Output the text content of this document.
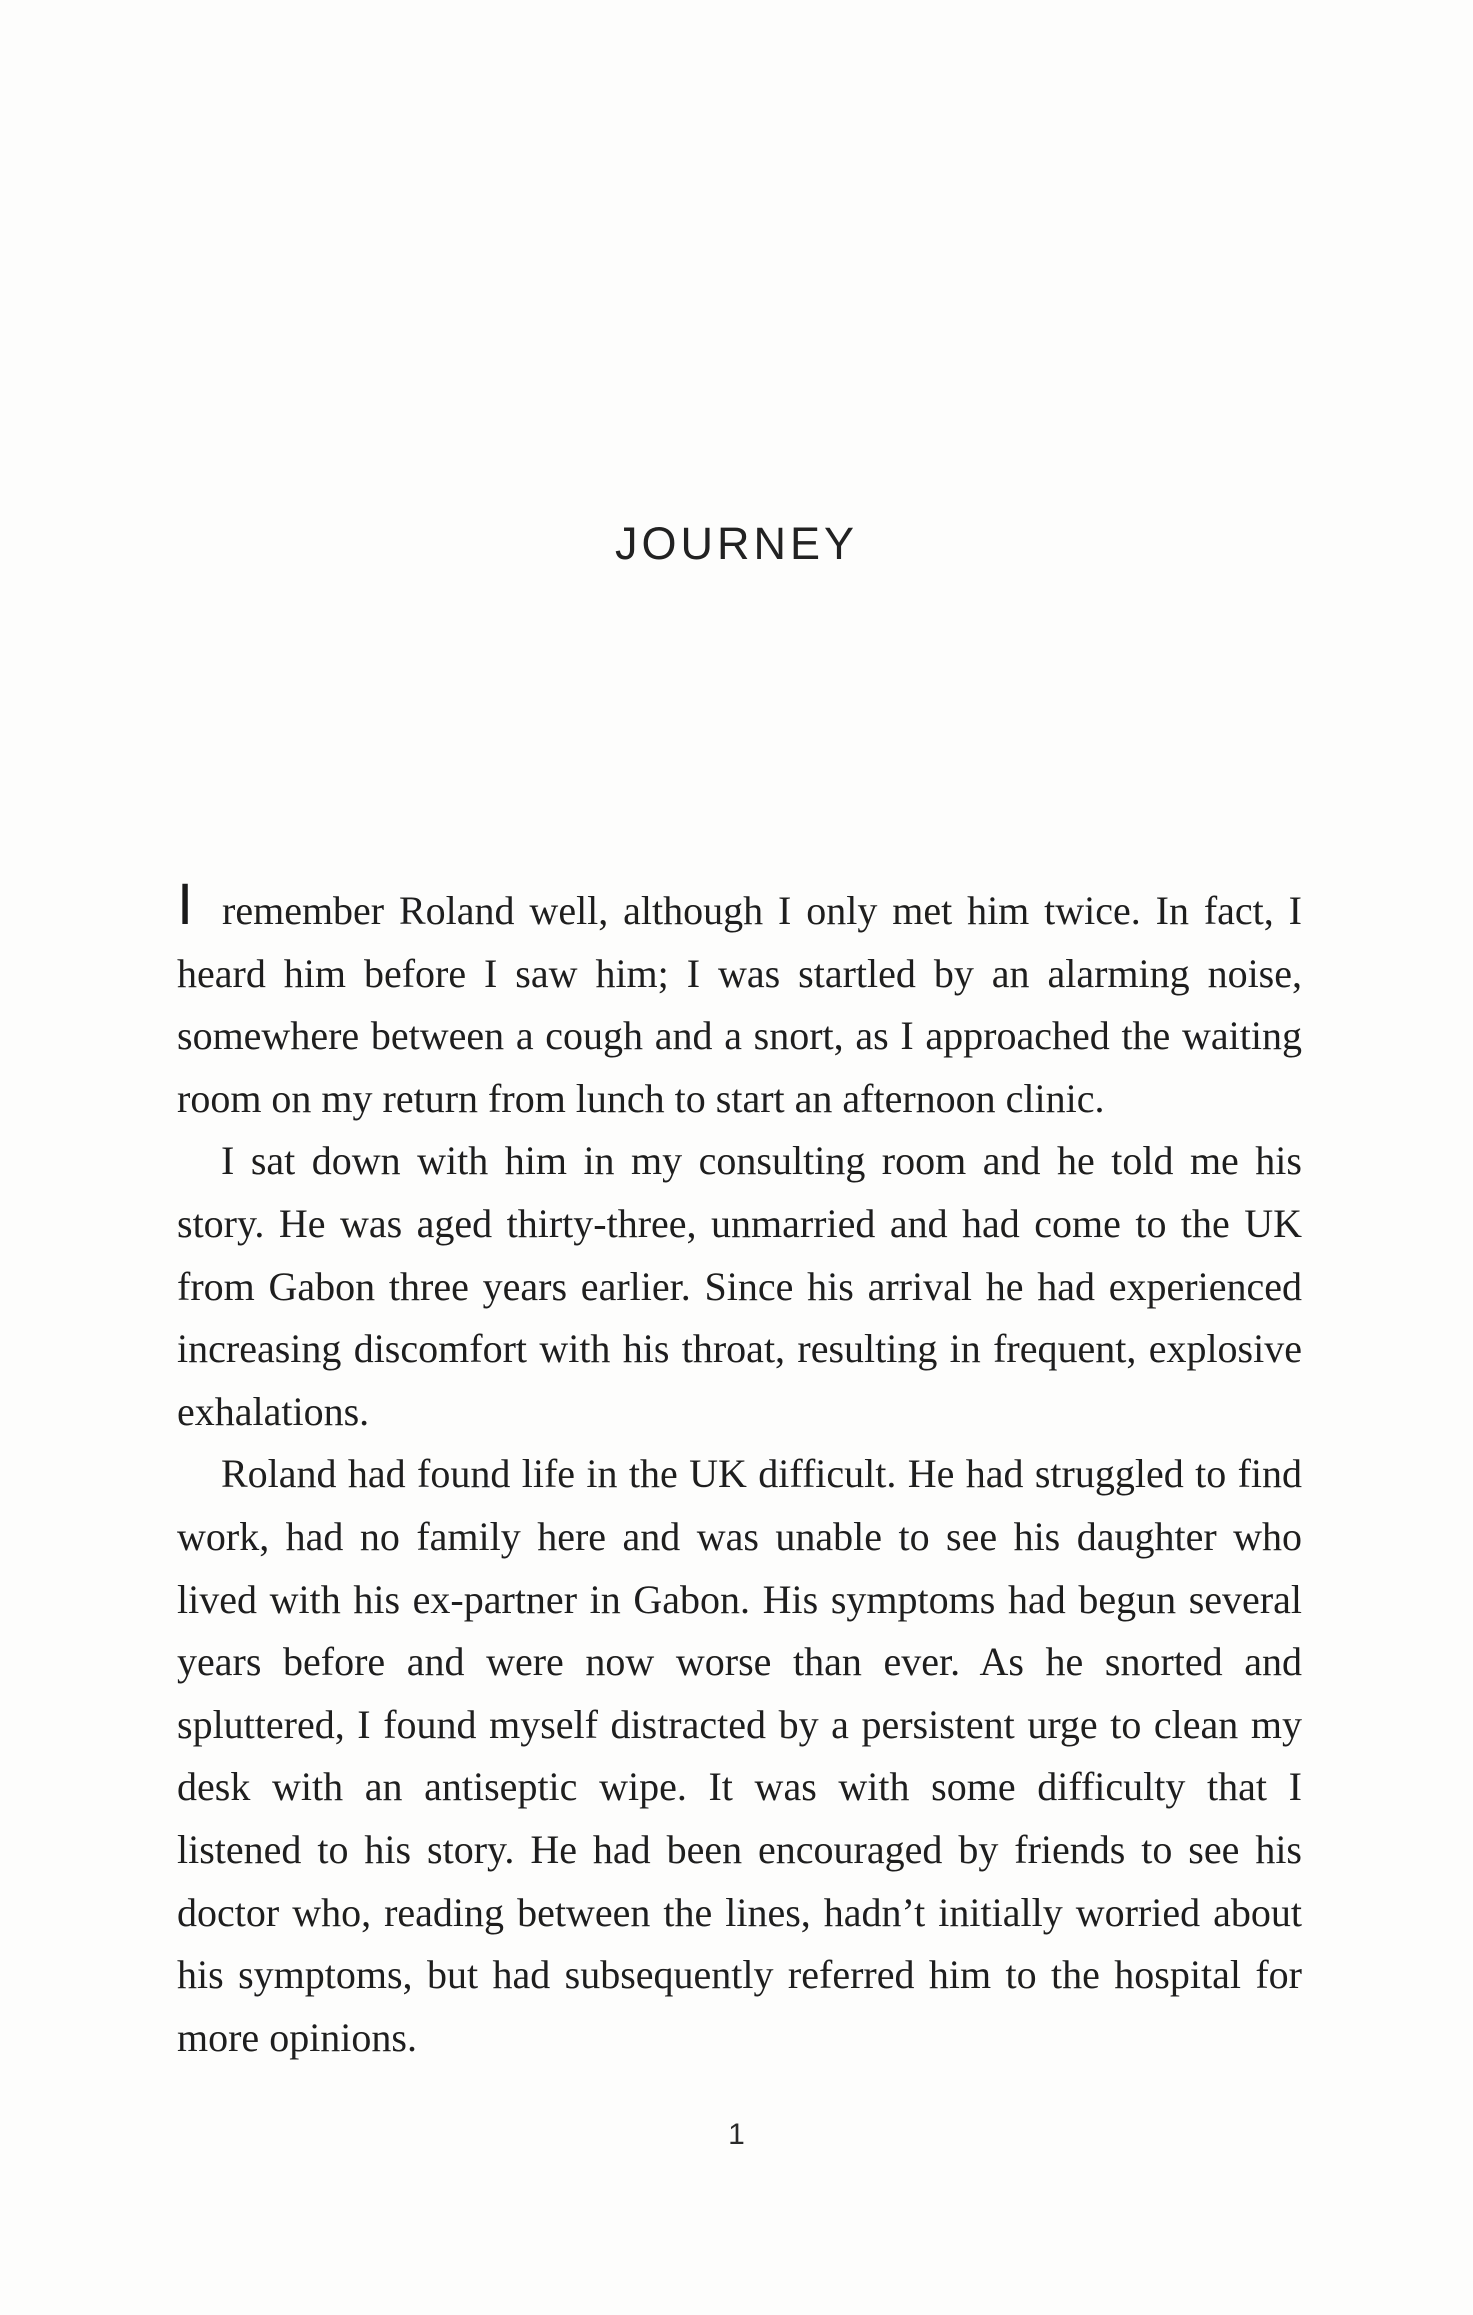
JOURNEY

I remember Roland well, although I only met him twice. In fact, I heard him before I saw him; I was startled by an alarming noise, somewhere between a cough and a snort, as I approached the waiting room on my return from lunch to start an afternoon clinic.

I sat down with him in my consulting room and he told me his story. He was aged thirty-three, unmarried and had come to the UK from Gabon three years earlier. Since his arrival he had experienced increasing discomfort with his throat, resulting in frequent, explosive exhalations.

Roland had found life in the UK difficult. He had struggled to find work, had no family here and was unable to see his daughter who lived with his ex-partner in Gabon. His symptoms had begun several years before and were now worse than ever. As he snorted and spluttered, I found myself distracted by a persistent urge to clean my desk with an antiseptic wipe. It was with some difficulty that I listened to his story. He had been encouraged by friends to see his doctor who, reading between the lines, hadn’t initially worried about his symptoms, but had subsequently referred him to the hospital for more opinions.

1
